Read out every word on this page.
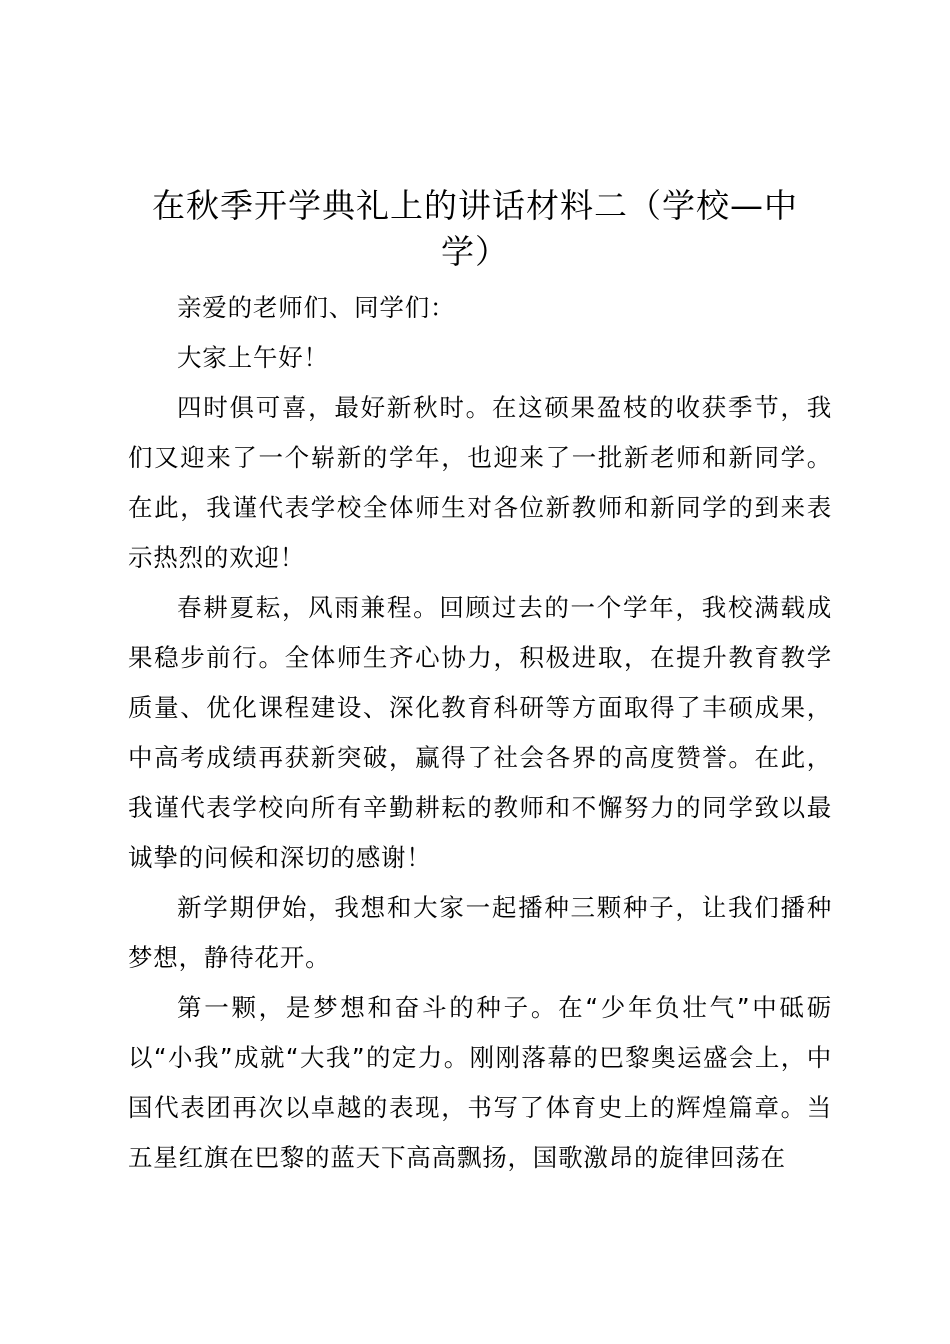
在秋季开学典礼上的讲话材料二（学校—中学）

亲爱的老师们、同学们：

大家上午好！

四时俱可喜，最好新秋时。在这硕果盈枝的收获季节，我们又迎来了一个崭新的学年，也迎来了一批新老师和新同学。在此，我谨代表学校全体师生对各位新教师和新同学的到来表示热烈的欢迎！

春耕夏耘，风雨兼程。回顾过去的一个学年，我校满载成果稳步前行。全体师生齐心协力，积极进取，在提升教育教学质量、优化课程建设、深化教育科研等方面取得了丰硕成果，中高考成绩再获新突破，赢得了社会各界的高度赞誉。在此，我谨代表学校向所有辛勤耕耘的教师和不懈努力的同学致以最诚挚的问候和深切的感谢！

新学期伊始，我想和大家一起播种三颗种子，让我们播种梦想，静待花开。

第一颗，是梦想和奋斗的种子。在“少年负壮气”中砥砺以“小我”成就“大我”的定力。刚刚落幕的巴黎奥运盛会上，中国代表团再次以卓越的表现，书写了体育史上的辉煌篇章。当五星红旗在巴黎的蓝天下高高飘扬，国歌激昂的旋律回荡在
